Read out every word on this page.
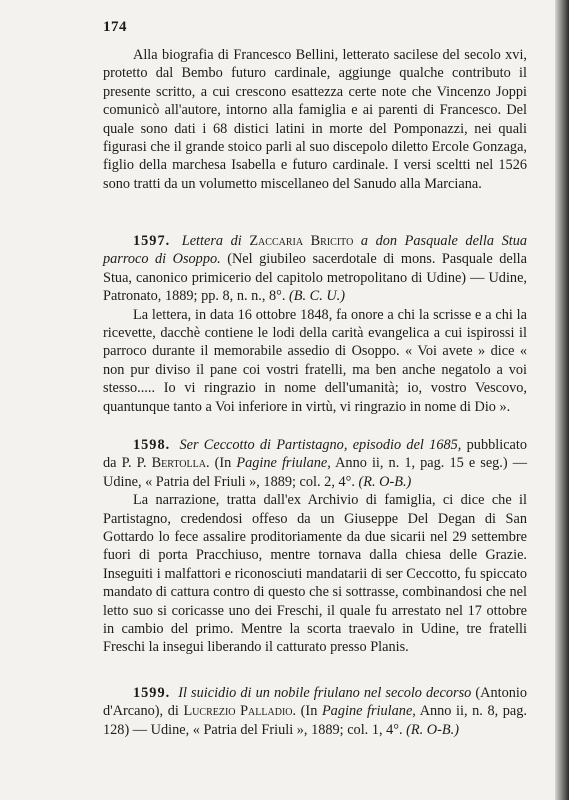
174

Alla biografia di Francesco Bellini, letterato sacilese del secolo xvi, protetto dal Bembo futuro cardinale, aggiunge qualche contributo il presente scritto, a cui crescono esattezza certe note che Vincenzo Joppi comunicò all'autore, intorno alla famiglia e ai parenti di Francesco. Del quale sono dati i 68 distici latini in morte del Pomponazzi, nei quali figurasi che il grande stoico parli al suo discepolo diletto Ercole Gonzaga, figlio della marchesa Isabella e futuro cardinale. I versi sceltti nel 1526 sono tratti da un volumetto miscellaneo del Sanudo alla Marciana.

1597. Lettera di Zaccaria Bricito a don Pasquale della Stua parroco di Osoppo. (Nel giubileo sacerdotale di mons. Pasquale della Stua, canonico primicerio del capitolo metropolitano di Udine) — Udine, Patronato, 1889; pp. 8, n. n., 8°. (B. C. U.)

La lettera, in data 16 ottobre 1848, fa onore a chi la scrisse e a chi la ricevette, dacchè contiene le lodi della carità evangelica a cui ispirossi il parroco durante il memorabile assedio di Osoppo. « Voi avete » dice « non pur diviso il pane coi vostri fratelli, ma ben anche negatolo a voi stesso..... Io vi ringrazio in nome dell'umanità; io, vostro Vescovo, quantunque tanto a Voi inferiore in virtù, vi ringrazio in nome di Dio ».

1598. Ser Ceccotto di Partistagno, episodio del 1685, pubblicato da P. P. Bertolla. (In Pagine friulane, Anno ii, n. 1, pag. 15 e seg.) — Udine, « Patria del Friuli », 1889; col. 2, 4°. (R. O-B.)

La narrazione, tratta dall'ex Archivio di famiglia, ci dice che il Partistagno, credendosi offeso da un Giuseppe Del Degan di San Gottardo lo fece assalire proditoriamente da due sicarii nel 29 settembre fuori di porta Pracchiuso, mentre tornava dalla chiesa delle Grazie. Inseguiti i malfattori e riconosciuti mandatarii di ser Ceccotto, fu spiccato mandato di cattura contro di questo che si sottrasse, combinandosi che nel letto suo si coricasse uno dei Freschi, il quale fu arrestato nel 17 ottobre in cambio del primo. Mentre la scorta traevalo in Udine, tre fratelli Freschi la insegui liberando il catturato presso Planis.

1599. Il suicidio di un nobile friulano nel secolo decorso (Antonio d'Arcano), di Lucrezio Palladio. (In Pagine friulane, Anno ii, n. 8, pag. 128) — Udine, « Patria del Friuli », 1889; col. 1, 4°. (R. O-B.)
